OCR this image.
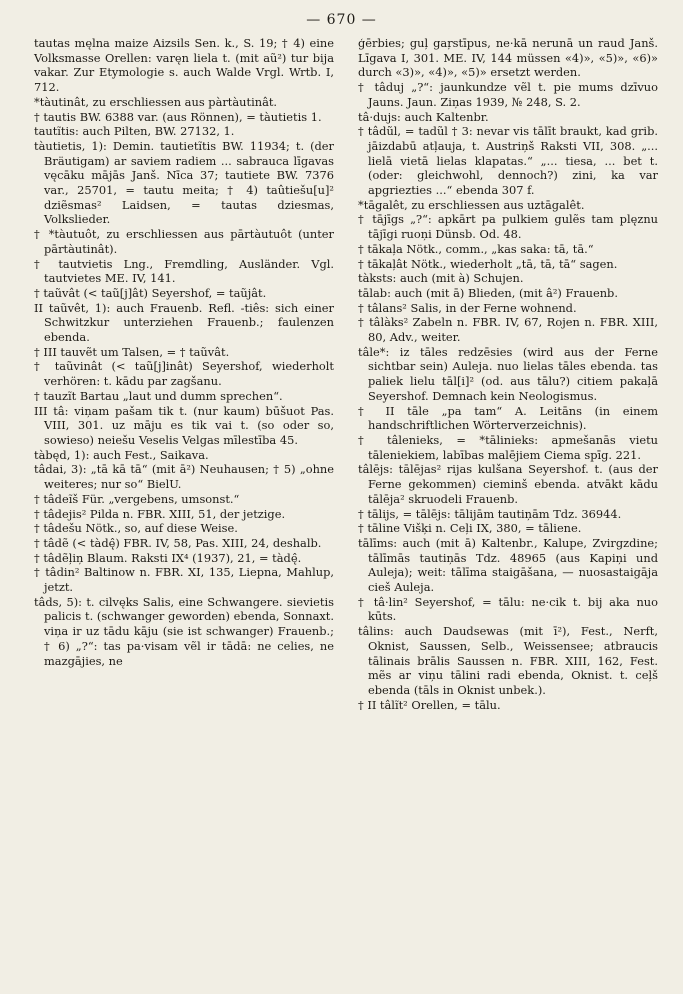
— 670 —

tautas męlna maize Aizsils Sen. k., S. 19; † 4) eine Volksmasse Orellen: varęn liela t. (mit aũ²) tur bija vakar. Zur Etymologie s. auch Walde Vrgl. Wrtb. I, 712.

*tàutinât, zu erschliessen aus pàrtàutinât.

† tautis BW. 6388 var. (aus Rönnen), = tàutietis 1.

tautĩtis: auch Pilten, BW. 27132, 1.

tàutietis, 1): Demin. tautietĩtis BW. 11934; t. (der Bräutigam) ar saviem radiem ... sabrauca līgavas vęcāku mājās Janš. Nīca 37; tautiete BW. 7376 var., 25701, = tautu meita; † 4) taûtiešu[u]² dziẽsmas² Laidsen, = tautas dziesmas, Volkslieder.

† *tàutuôt, zu erschliessen aus pārtàutuôt (unter pārtàutinât).

† tautvietis Lng., Fremdling, Ausländer. Vgl. tautvietes ME. IV, 141.

† taũvât (< taũ[j]ât) Seyershof, = taũjât.

II taũvêt, 1): auch Frauenb. Refl. -tiês: sich einer Schwitzkur unterziehen Frauenb.; faulenzen ebenda.

† III tauvẽt um Talsen, = † taũvât.

† taũvinât (< taũ[j]inât) Seyershof, wiederholt verhören: t. kādu par zagšanu.

† tauzĩt Bartau „laut und dumm sprechen“.

III tâ: viņam pašam tik t. (nur kaum) būšuot Pas. VIII, 301. uz māju es tik vai t. (so oder so, sowieso) neiešu Veselis Velgas mīlestība 45.

tàbęd, 1): auch Fest., Saikava.

tâdai, 3): „tā kā tā“ (mit ā²) Neuhausen; † 5) „ohne weiteres; nur so“ BielU.

† tâdeĩš Für. „vergebens, umsonst.“

† tâdejis² Pilda n. FBR. XIII, 51, der jetzige.

† tâdešu Nötk., so, auf diese Weise.

† tâdẽ (< tàdę̂) FBR. IV, 58, Pas. XIII, 24, deshalb.

† tâdẽļiņ Blaum. Raksti IX⁴ (1937), 21, = tàdę̂.

† tâdin² Baltinow n. FBR. XI, 135, Liepna, Mahlup, jetzt.

tâds, 5): t. cilvęks Salis, eine Schwangere. sievietis palicis t. (schwanger geworden) ebenda, Sonnaxt. viņa ir uz tādu kāju (sie ist schwanger) Frauenb.; † 6) „?“: tas pa·visam vẽl ir tādā: ne celies, ne mazgājies, ne

ģērbies; guļ gaŗstīpus, ne·kā nerunā un raud Janš. Līgava I, 301. ME. IV, 144 müssen «4)», «5)», «6)» durch «3)», «4)», «5)» ersetzt werden.

† tâduj „?“: jaunkundze vẽl t. pie mums dzīvuo Jauns. Jaun. Ziņas 1939, № 248, S. 2.

tâ·dujs: auch Kaltenbr.

† tâdũl, = tadũl † 3: nevar vis tālīt braukt, kad grib. jāizdabū atļauja, t. Austriņš Raksti VII, 308. „... lielā vietā lielas klapatas.“ „... tiesa, ... bet t. (oder: gleichwohl, dennoch?) zini, ka var apgriezties ...“ ebenda 307 f.

*tāgalêt, zu erschliessen aus uztāgalêt.

† tājīgs „?“: apkārt pa pulkiem gulẽs tam plęznu tājīgi ruoņi Dünsb. Od. 48.

† tākaļa Nötk., comm., „kas saka: tā, tā.“

† tākaļât Nötk., wiederholt „tā, tā, tā“ sagen.

tàksts: auch (mit à) Schujen.

tālab: auch (mit ā) Blieden, (mit â²) Frauenb.

† tâlans² Salis, in der Ferne wohnend.

† tâlàks² Zabeln n. FBR. IV, 67, Rojen n. FBR. XIII, 80, Adv., weiter.

tâle*: iz tāles redzēsies (wird aus der Ferne sichtbar sein) Auleja. nuo lielas tāles ebenda. tas paliek lielu tāl[i]² (od. aus tālu?) citiem pakaļā Seyershof. Demnach kein Neologismus.

† II tāle „pa tam“ A. Leitāns (in einem handschriftlichen Wörterverzeichnis).

† tâlenieks, = *tālinieks: apmešanās vietu tāleniekiem, labības malējiem Ciema spīg. 221.

tâlējs: tālējas² rijas kulšana Seyershof. t. (aus der Ferne gekommen) cieminš ebenda. atvākt kādu tālēja² skruodeli Frauenb.

† tālijs, = tālējs: tālijām tautiņām Tdz. 36944.

† tāline Višķi n. Ceļi IX, 380, = tāliene.

tālīms: auch (mit ā) Kaltenbr., Kalupe, Zvirgzdine; tālīmās tautiņās Tdz. 48965 (aus Kapiņi und Auleja); weit: tālīma staigāšana, — nuosastaigāja cieš Auleja.

† tâ·lin² Seyershof, = tālu: ne·cik t. bij aka nuo kūts.

tâlins: auch Daudsewas (mit ī²), Fest., Nerft, Oknist, Saussen, Selb., Weissensee; atbraucis tālinais brālis Saussen n. FBR. XIII, 162, Fest. mẽs ar viņu tālini radi ebenda, Oknist. t. ceļš ebenda (tāls in Oknist unbek.).

† II tâlĩt² Orellen, = tālu.
